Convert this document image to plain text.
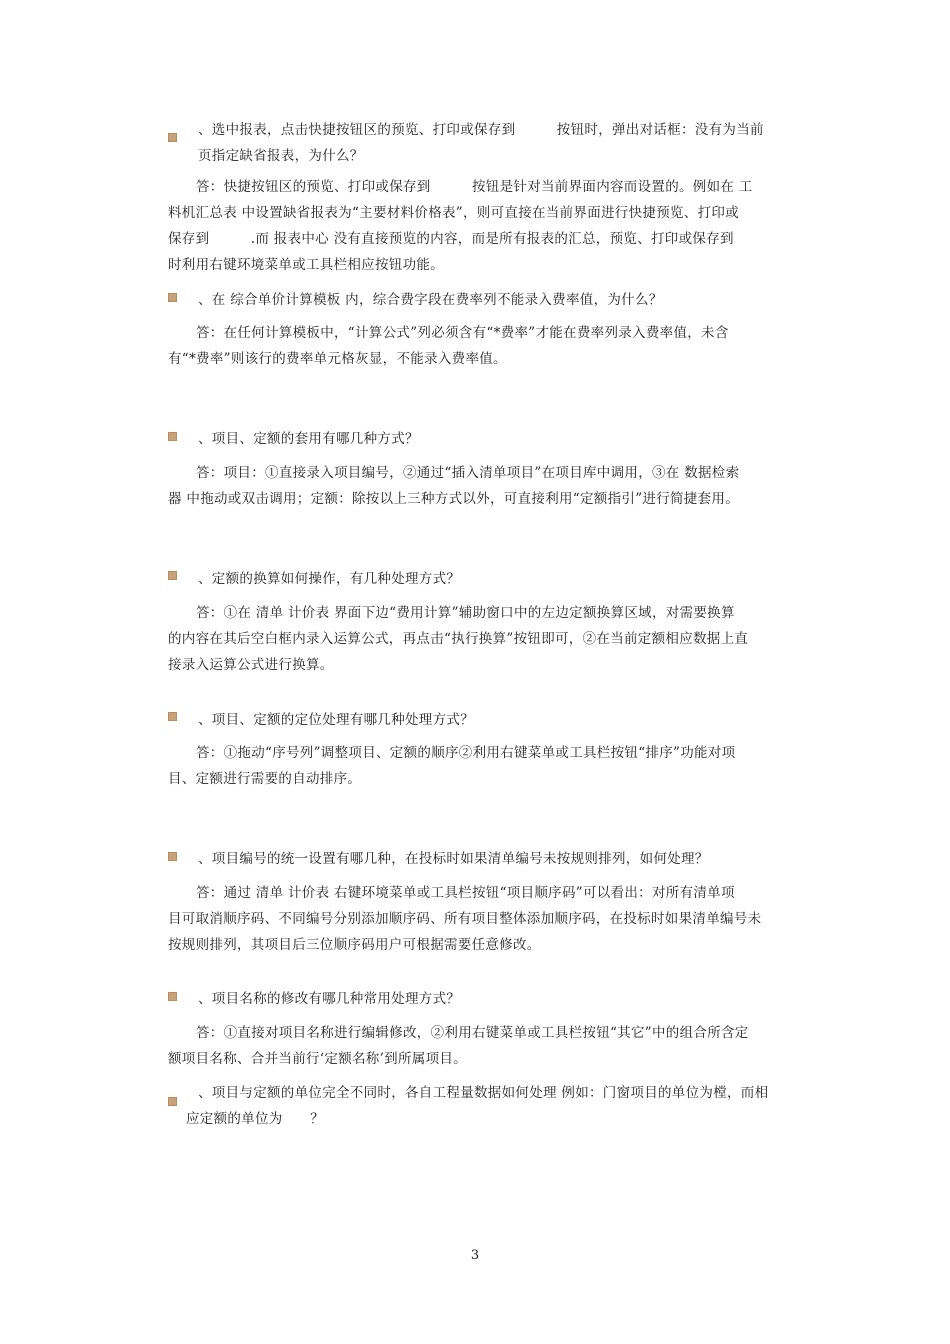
、选中报表，点击快捷按钮区的预览、打印或保存到　　　按钮时，弹出对话框：没有为当前
页指定缺省报表，为什么？

答：快捷按钮区的预览、打印或保存到　　　按钮是针对当前界面内容而设置的。例如在 工
料机汇总表 中设置缺省报表为“主要材料价格表”，则可直接在当前界面进行快捷预览、打印或
保存到　　　.而 报表中心 没有直接预览的内容，而是所有报表的汇总，预览、打印或保存到
时利用右键环境菜单或工具栏相应按钮功能。

、在 综合单价计算模板 内，综合费字段在费率列不能录入费率值，为什么？

答：在任何计算模板中，“计算公式”列必须含有“*费率”才能在费率列录入费率值，未含
有“*费率”则该行的费率单元格灰显，不能录入费率值。

、项目、定额的套用有哪几种方式？

答：项目：①直接录入项目编号，②通过“插入清单项目”在项目库中调用，③在 数据检索
器 中拖动或双击调用；定额：除按以上三种方式以外，可直接利用“定额指引”进行简捷套用。

、定额的换算如何操作，有几种处理方式？

答：①在 清单 计价表 界面下边“费用计算”辅助窗口中的左边定额换算区域，对需要换算
的内容在其后空白框内录入运算公式，再点击“执行换算”按钮即可，②在当前定额相应数据上直
接录入运算公式进行换算。

、项目、定额的定位处理有哪几种处理方式？

答：①拖动“序号列”调整项目、定额的顺序②利用右键菜单或工具栏按钮“排序”功能对项
目、定额进行需要的自动排序。

、项目编号的统一设置有哪几种，在投标时如果清单编号未按规则排列，如何处理？

答：通过 清单 计价表 右键环境菜单或工具栏按钮“项目顺序码”可以看出：对所有清单项
目可取消顺序码、不同编号分别添加顺序码、所有项目整体添加顺序码，在投标时如果清单编号未
按规则排列，其项目后三位顺序码用户可根据需要任意修改。

、项目名称的修改有哪几种常用处理方式？

答：①直接对项目名称进行编辑修改，②利用右键菜单或工具栏按钮“其它”中的组合所含定
额项目名称、合并当前行‘定额名称’到所属项目。

、项目与定额的单位完全不同时，各自工程量数据如何处理 例如：门窗项目的单位为樘，而相
应定额的单位为　　？

3
